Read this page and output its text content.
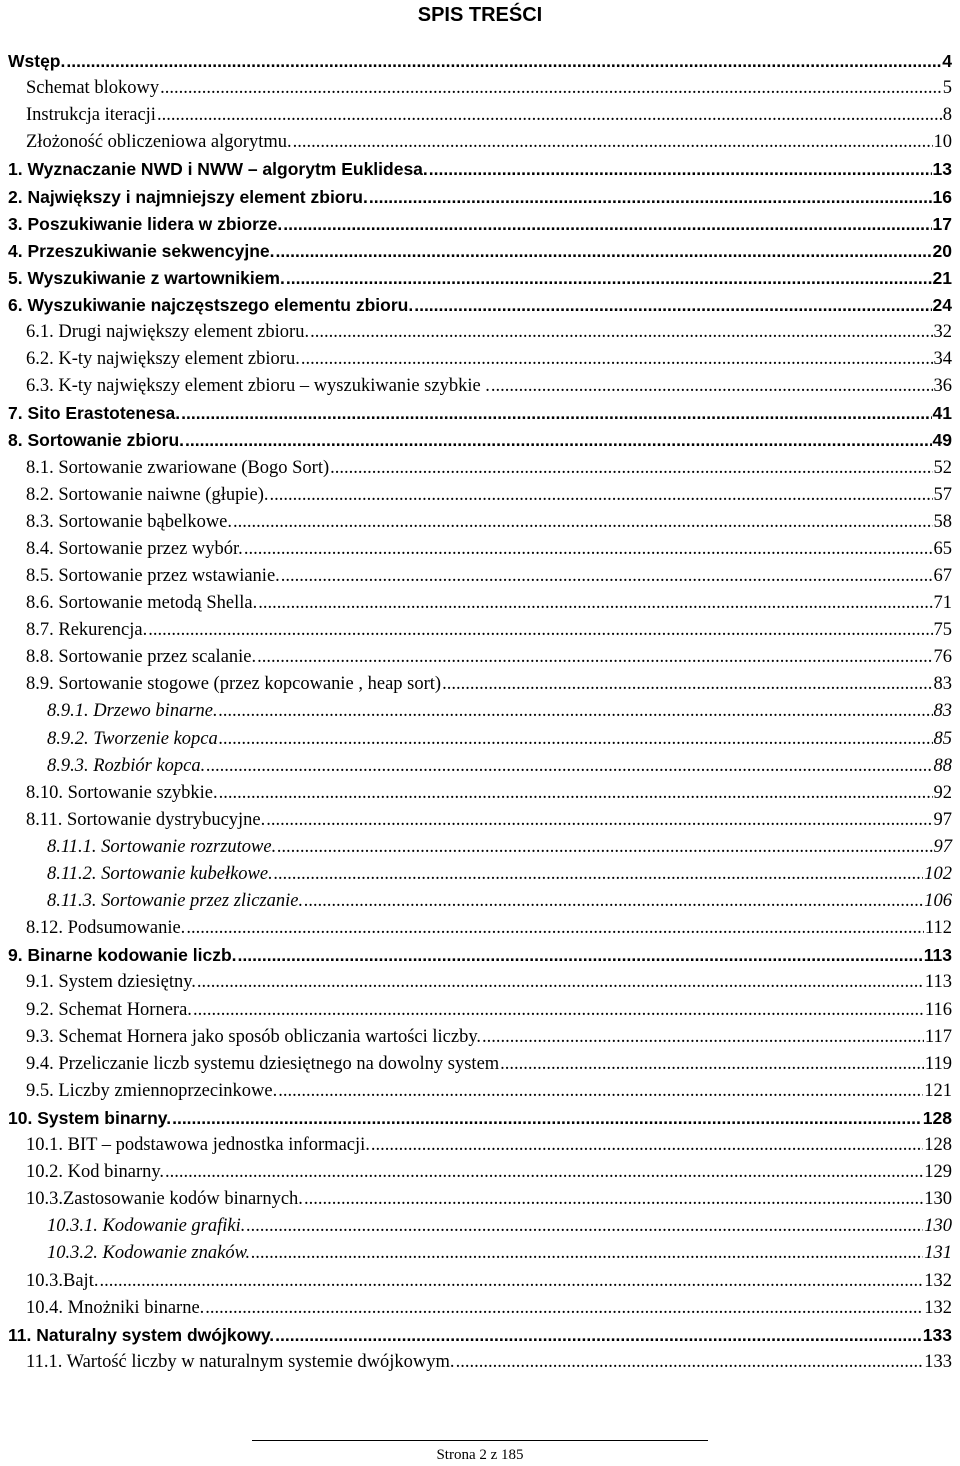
SPIS TREŚCI
Wstęp. .....	4
Schemat blokowy .....	5
Instrukcja iteracji .....	8
Złożoność obliczeniowa algorytmu. .....	10
1. Wyznaczanie NWD i NWW – algorytm Euklidesa. .....	13
2. Największy i najmniejszy element zbioru. .....	16
3. Poszukiwanie lidera w zbiorze. .....	17
4. Przeszukiwanie sekwencyjne. .....	20
5. Wyszukiwanie z wartownikiem. .....	21
6. Wyszukiwanie najczęstszego elementu zbioru. .....	24
6.1. Drugi największy element zbioru. .....	32
6.2. K-ty największy element zbioru. .....	34
6.3. K-ty największy element zbioru – wyszukiwanie szybkie . .....	36
7. Sito Erastotenesa. .....	41
8. Sortowanie zbioru. .....	49
8.1. Sortowanie zwariowane (Bogo Sort) .....	52
8.2. Sortowanie naiwne (głupie). .....	57
8.3. Sortowanie bąbelkowe. .....	58
8.4. Sortowanie przez wybór. .....	65
8.5. Sortowanie przez wstawianie. .....	67
8.6. Sortowanie metodą Shella. .....	71
8.7. Rekurencja. .....	75
8.8. Sortowanie przez scalanie. .....	76
8.9. Sortowanie stogowe (przez kopcowanie , heap sort) .....	83
8.9.1. Drzewo binarne. .....	83
8.9.2. Tworzenie kopca .....	85
8.9.3. Rozbiór kopca. .....	88
8.10. Sortowanie szybkie. .....	92
8.11. Sortowanie dystrybucyjne. .....	97
8.11.1. Sortowanie rozrzutowe. .....	97
8.11.2. Sortowanie kubełkowe. .....	102
8.11.3. Sortowanie przez zliczanie. .....	106
8.12. Podsumowanie. .....	112
9. Binarne kodowanie liczb. .....	113
9.1. System dziesiętny. .....	113
9.2. Schemat Hornera. .....	116
9.3. Schemat Hornera jako sposób obliczania wartości liczby. .....	117
9.4. Przeliczanie liczb systemu dziesiętnego na dowolny system .....	119
9.5. Liczby zmiennoprzecinkowe. .....	121
10. System binarny. .....	128
10.1. BIT – podstawowa jednostka informacji. .....	128
10.2. Kod binarny. .....	129
10.3.Zastosowanie kodów binarnych. .....	130
10.3.1. Kodowanie grafiki. .....	130
10.3.2. Kodowanie znaków. .....	131
10.3.Bajt. .....	132
10.4. Mnożniki binarne. .....	132
11. Naturalny system dwójkowy. .....	133
11.1. Wartość liczby w naturalnym systemie dwójkowym. .....	133
Strona 2 z 185
